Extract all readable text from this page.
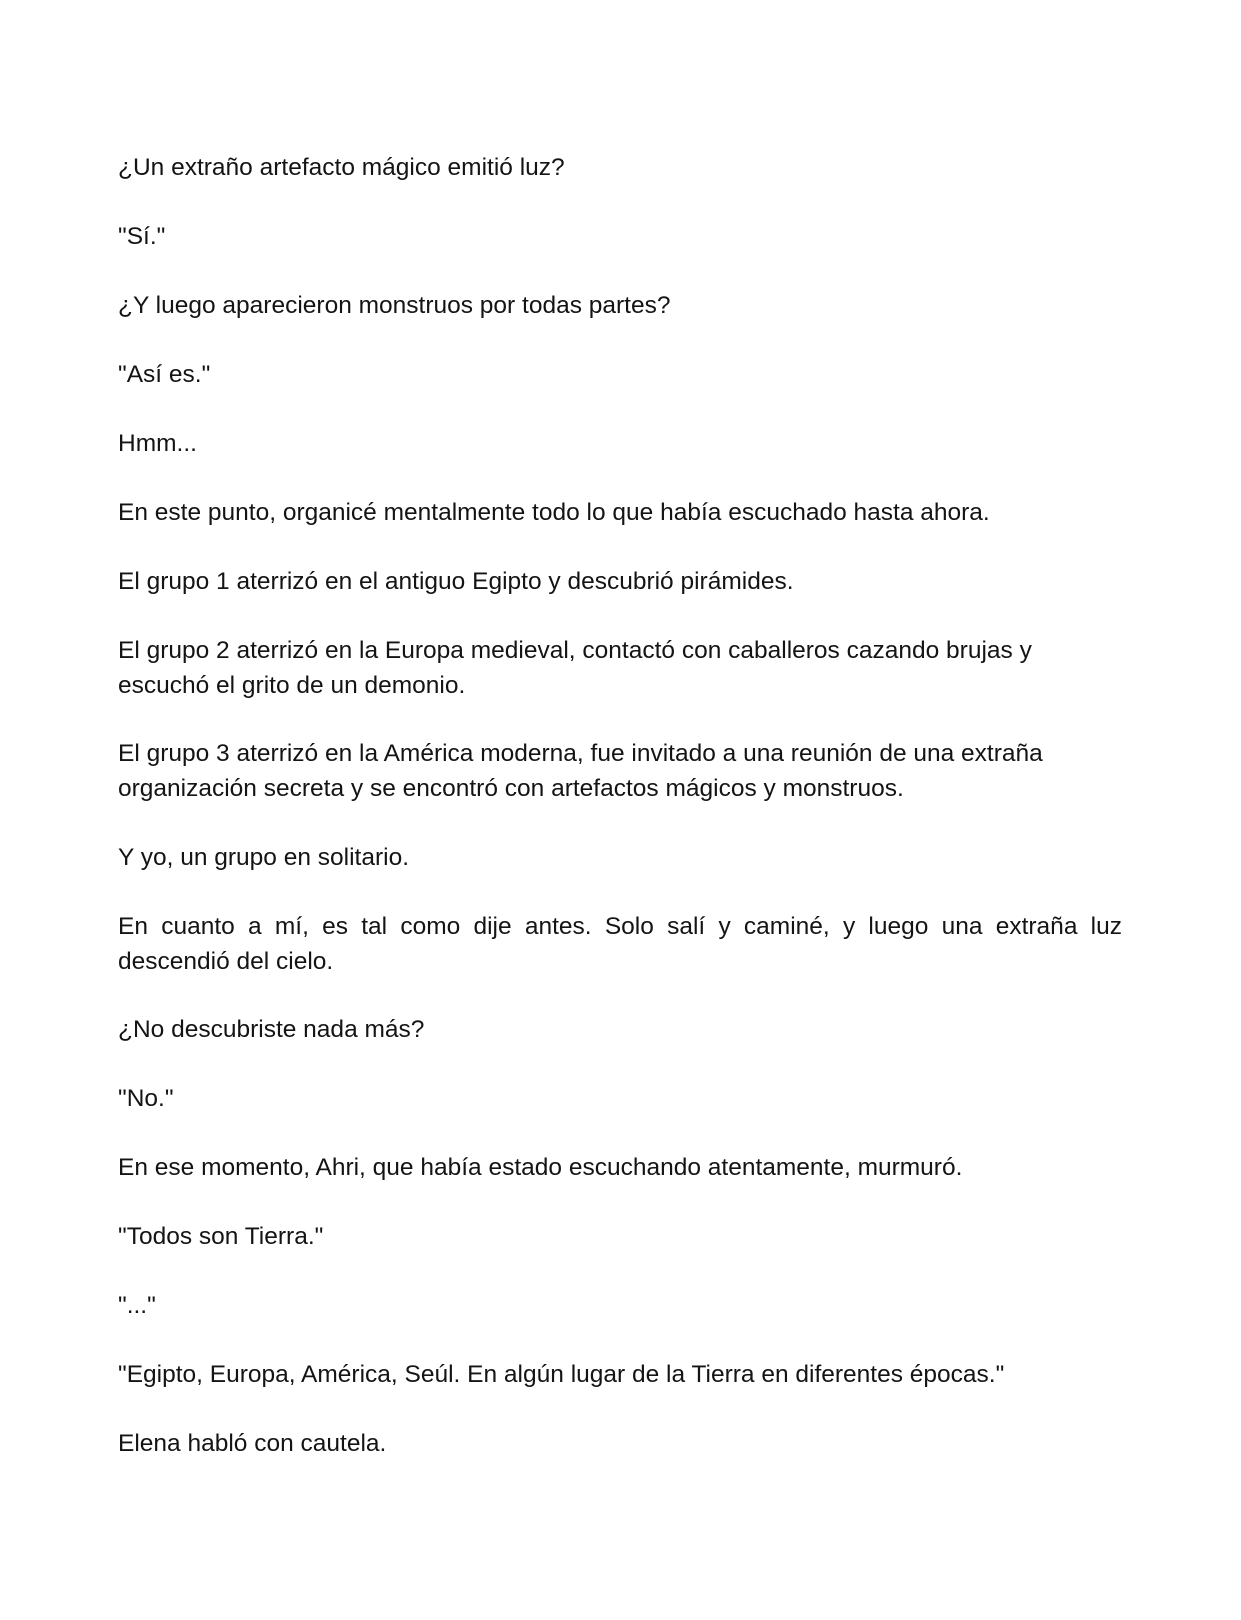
¿Un extraño artefacto mágico emitió luz?

"Sí."

¿Y luego aparecieron monstruos por todas partes?

"Así es."

Hmm...

En este punto, organicé mentalmente todo lo que había escuchado hasta ahora.

El grupo 1 aterrizó en el antiguo Egipto y descubrió pirámides.

El grupo 2 aterrizó en la Europa medieval, contactó con caballeros cazando brujas y escuchó el grito de un demonio.

El grupo 3 aterrizó en la América moderna, fue invitado a una reunión de una extraña organización secreta y se encontró con artefactos mágicos y monstruos.

Y yo, un grupo en solitario.

En cuanto a mí, es tal como dije antes. Solo salí y caminé, y luego una extraña luz descendió del cielo.

¿No descubriste nada más?

"No."

En ese momento, Ahri, que había estado escuchando atentamente, murmuró.

"Todos son Tierra."

"..."

"Egipto, Europa, América, Seúl. En algún lugar de la Tierra en diferentes épocas."

Elena habló con cautela.
